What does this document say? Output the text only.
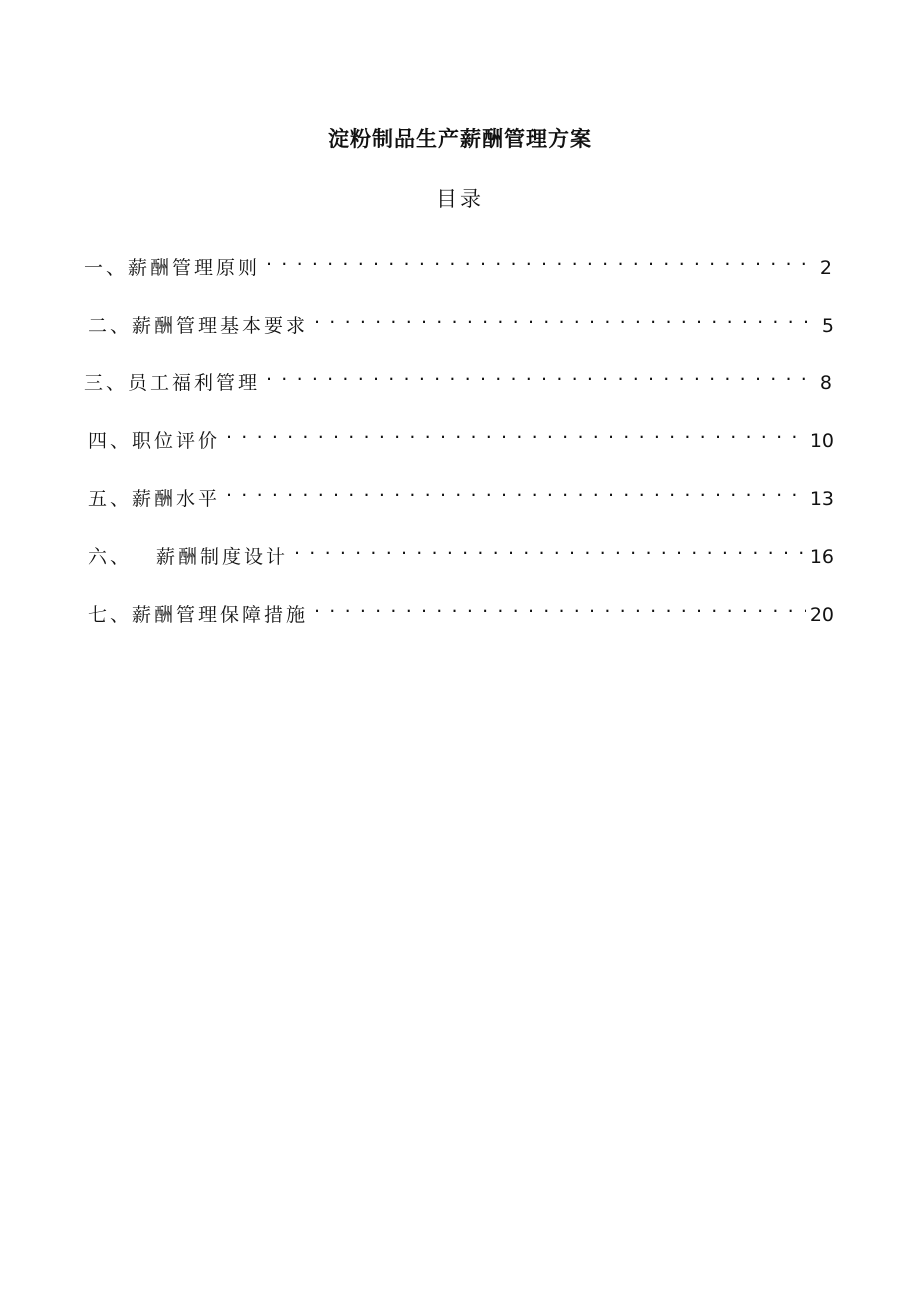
淀粉制品生产薪酬管理方案
目录
一、 薪酬管理原则 . . .	2
二、 薪酬管理基本要求 . . .	5
三、 员工福利管理 . . .	8
四、 职位评价 . . .	10
五、 薪酬水平 . . .	13
六、 薪酬制度设计 . . .	16
七、 薪酬管理保障措施 . . .	20
